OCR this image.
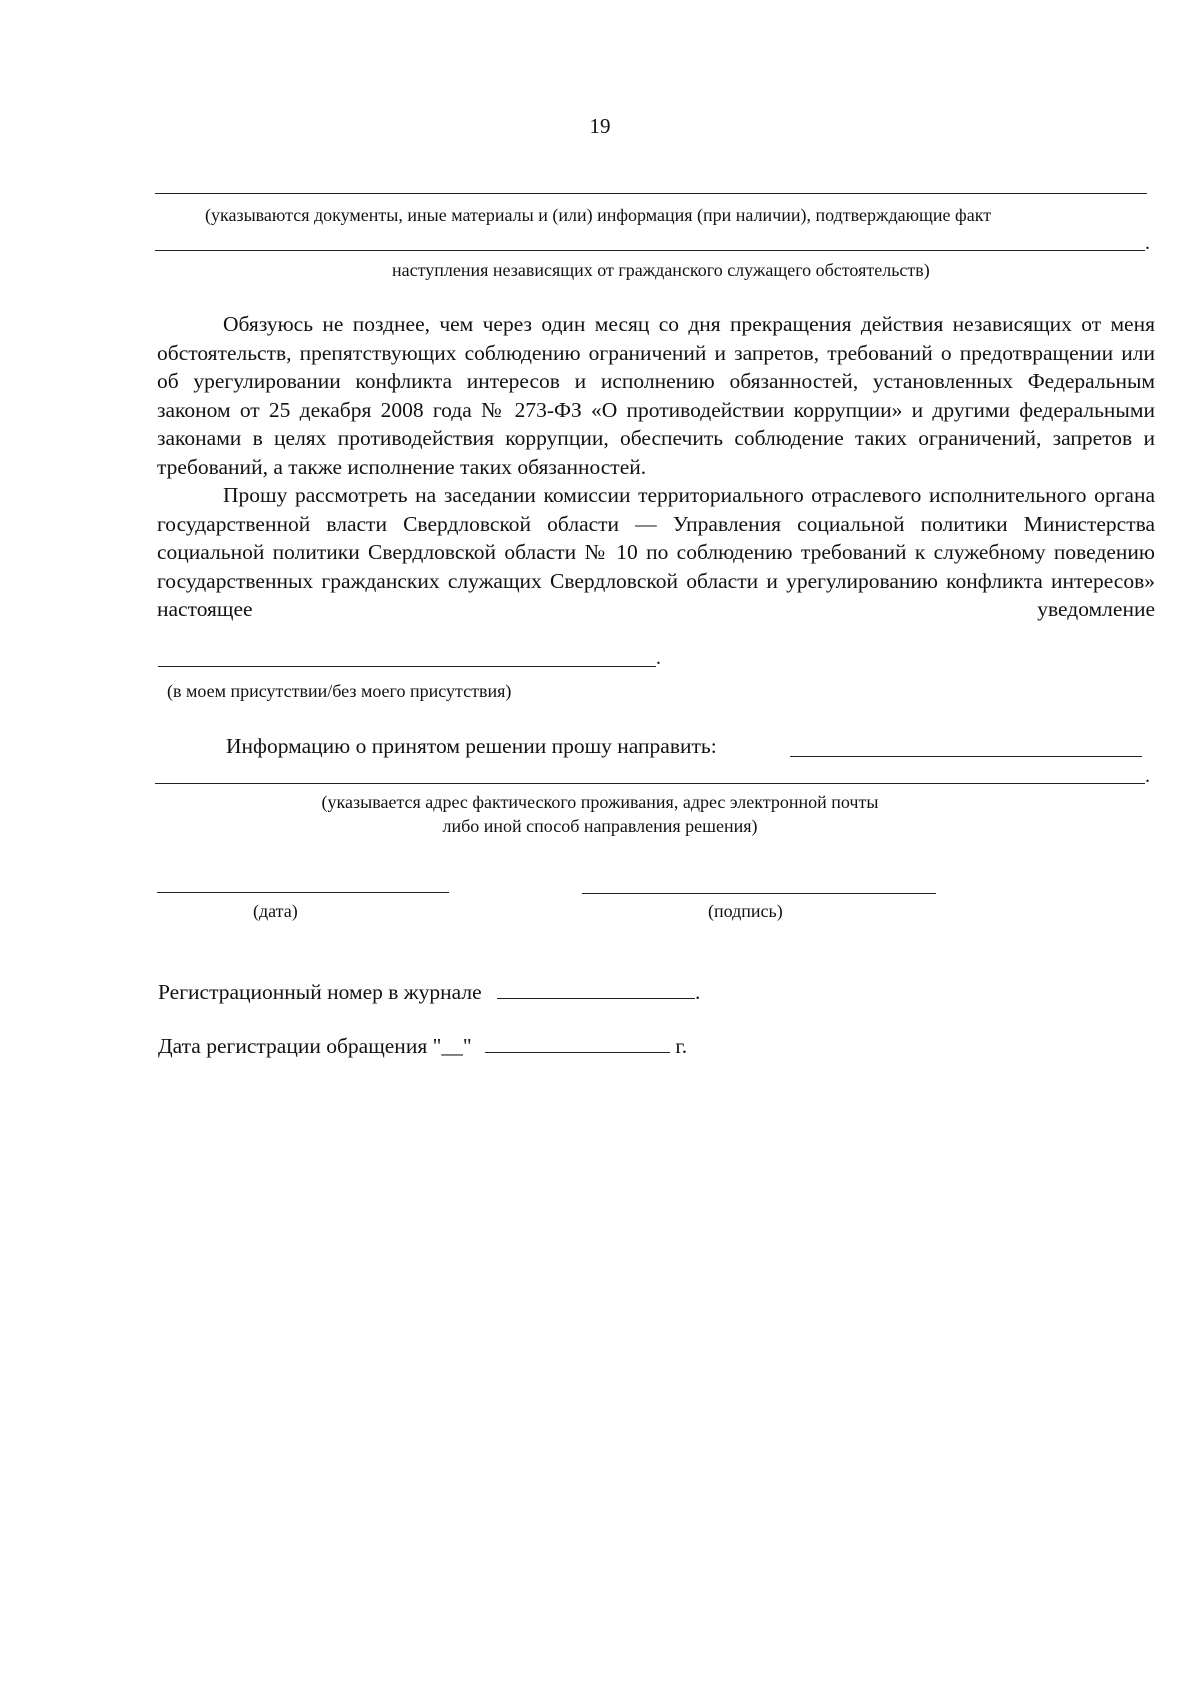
19
(указываются документы, иные материалы и (или) информация (при наличии), подтверждающие факт
.
наступления независящих от гражданского служащего обстоятельств)

Обязуюсь не позднее, чем через один месяц со дня прекращения действия независящих от меня обстоятельств, препятствующих соблюдению ограничений и запретов, требований о предотвращении или об урегулировании конфликта интересов и исполнению обязанностей, установленных Федеральным законом от 25 декабря 2008 года № 273-ФЗ «О противодействии коррупции» и другими федеральными законами в целях противодействия коррупции, обеспечить соблюдение таких ограничений, запретов и требований, а также исполнение таких обязанностей.

Прошу рассмотреть на заседании комиссии территориального отраслевого исполнительного органа государственной власти Свердловской области — Управления социальной политики Министерства социальной политики Свердловской области № 10 по соблюдению требований к служебному поведению государственных гражданских служащих Свердловской области и урегулированию конфликта интересов» настоящее уведомление

.
(в моем присутствии/без моего присутствия)
Информацию о принятом решении прошу направить:
.
(указывается адрес фактического проживания, адрес электронной почты
либо иной способ направления решения)
(дата)	(подпись)
Регистрационный номер в журнале	.
Дата регистрации обращения "__"	г.
